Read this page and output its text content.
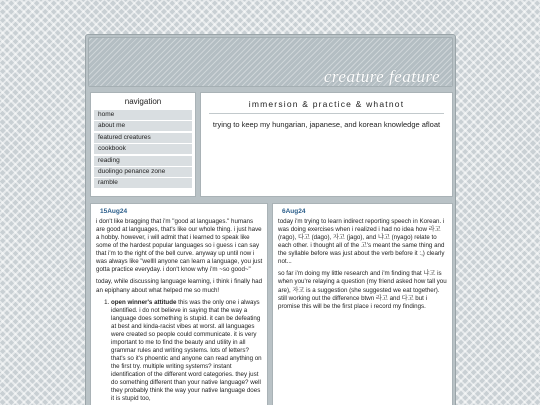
creature feature
navigation
home
about me
featured creatures
cookbook
reading
duolingo penance zone
ramble
immersion & practice & whatnot
trying to keep my hungarian, japanese, and korean knowledge afloat
15Aug24

i don't like bragging that i'm "good at languages." humans are good at languages, that's like our whole thing. i just have a hobby. however, i will admit that i learned to speak like some of the hardest popular languages so i guess i can say that i'm to the right of the bell curve. anyway up until now i was always like "wellll anyone can learn a language, you just gotta practice everyday. i don't know why i'm ~so good~"

today, while discussing language learning, i think i finally had an epiphany about what helped me so much!

1. open winner's attitude this was the only one i always identified. i do not believe in saying that the way a language does something is stupid. it can be defeating at best and kinda-racist vibes at worst. all languages were created so people could communicate. it is very important to me to find the beauty and utility in all grammar rules and writing systems. lots of letters? that's so it's phoentic and anyone can read anything on the first try. multiple writing systems? instant identification of the different word categories. they just do something different than your native language? well they probably think the way your native language does it is stupid too,
6Aug24

today i'm trying to learn indirect reporting speech in Korean. i was doing exercises when i realized i had no idea how 라고 (rago), 다고 (dago), 자고 (jago), and 냐고 (nyago) relate to each other. i thought all of the 고's meant the same thing and the syllable before was just about the verb before it :,) clearly not...

so far i'm doing my little research and i'm finding that 냐고 is when you're relaying a question (my friend asked how tall you are), 자고 is a suggestion (she suggested we eat together). still working out the difference btwn 라고 and 다고 but i promise this will be the first place i record my findings.
